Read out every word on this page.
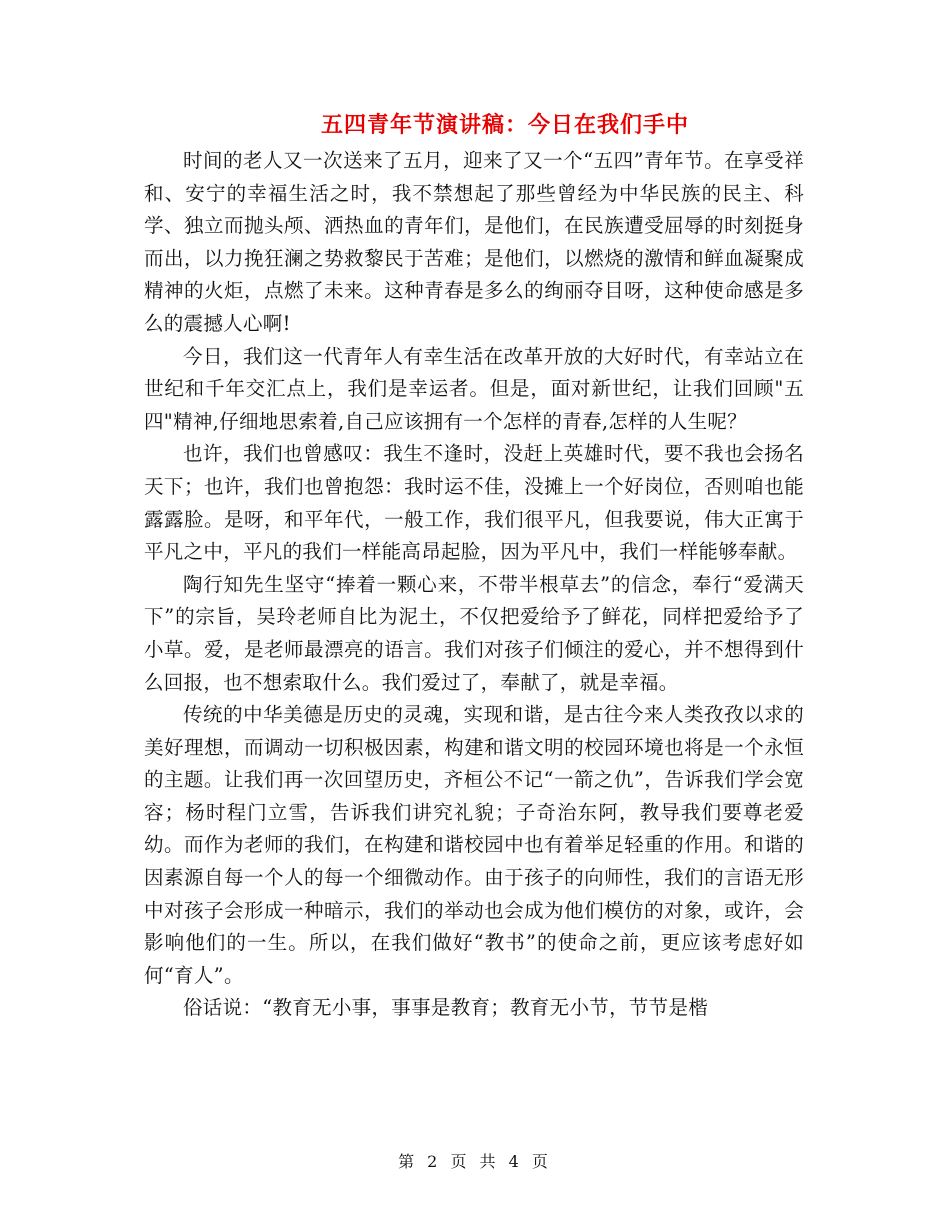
五四青年节演讲稿：今日在我们手中

时间的老人又一次送来了五月，迎来了又一个“五四”青年节。在享受祥和、安宁的幸福生活之时，我不禁想起了那些曾经为中华民族的民主、科学、独立而抛头颅、洒热血的青年们，是他们，在民族遭受屈辱的时刻挺身而出，以力挽狂澜之势救黎民于苦难；是他们，以燃烧的激情和鲜血凝聚成精神的火炬，点燃了未来。这种青春是多么的绚丽夺目呀，这种使命感是多么的震撼人心啊!

今日，我们这一代青年人有幸生活在改革开放的大好时代，有幸站立在世纪和千年交汇点上，我们是幸运者。但是，面对新世纪，让我们回顾"五四"精神,仔细地思索着,自己应该拥有一个怎样的青春,怎样的人生呢？

也许，我们也曾感叹：我生不逢时，没赶上英雄时代，要不我也会扬名天下；也许，我们也曾抱怨：我时运不佳，没摊上一个好岗位，否则咱也能露露脸。是呀，和平年代，一般工作，我们很平凡，但我要说，伟大正寓于平凡之中，平凡的我们一样能高昂起脸，因为平凡中，我们一样能够奉献。

陶行知先生坚守“捧着一颗心来，不带半根草去”的信念，奉行“爱满天下”的宗旨，吴玲老师自比为泥土，不仅把爱给予了鲜花，同样把爱给予了小草。爱，是老师最漂亮的语言。我们对孩子们倾注的爱心，并不想得到什么回报，也不想索取什么。我们爱过了，奉献了，就是幸福。

传统的中华美德是历史的灵魂，实现和谐，是古往今来人类孜孜以求的美好理想，而调动一切积极因素，构建和谐文明的校园环境也将是一个永恒的主题。让我们再一次回望历史，齐桓公不记“一箭之仇”，告诉我们学会宽容；杨时程门立雪，告诉我们讲究礼貌；子奇治东阿，教导我们要尊老爱幼。而作为老师的我们，在构建和谐校园中也有着举足轻重的作用。和谐的因素源自每一个人的每一个细微动作。由于孩子的向师性，我们的言语无形中对孩子会形成一种暗示，我们的举动也会成为他们模仿的对象，或许，会影响他们的一生。所以，在我们做好“教书”的使命之前，更应该考虑好如何“育人”。

俗话说：“教育无小事，事事是教育；教育无小节，节节是楷

第 2 页 共 4 页
